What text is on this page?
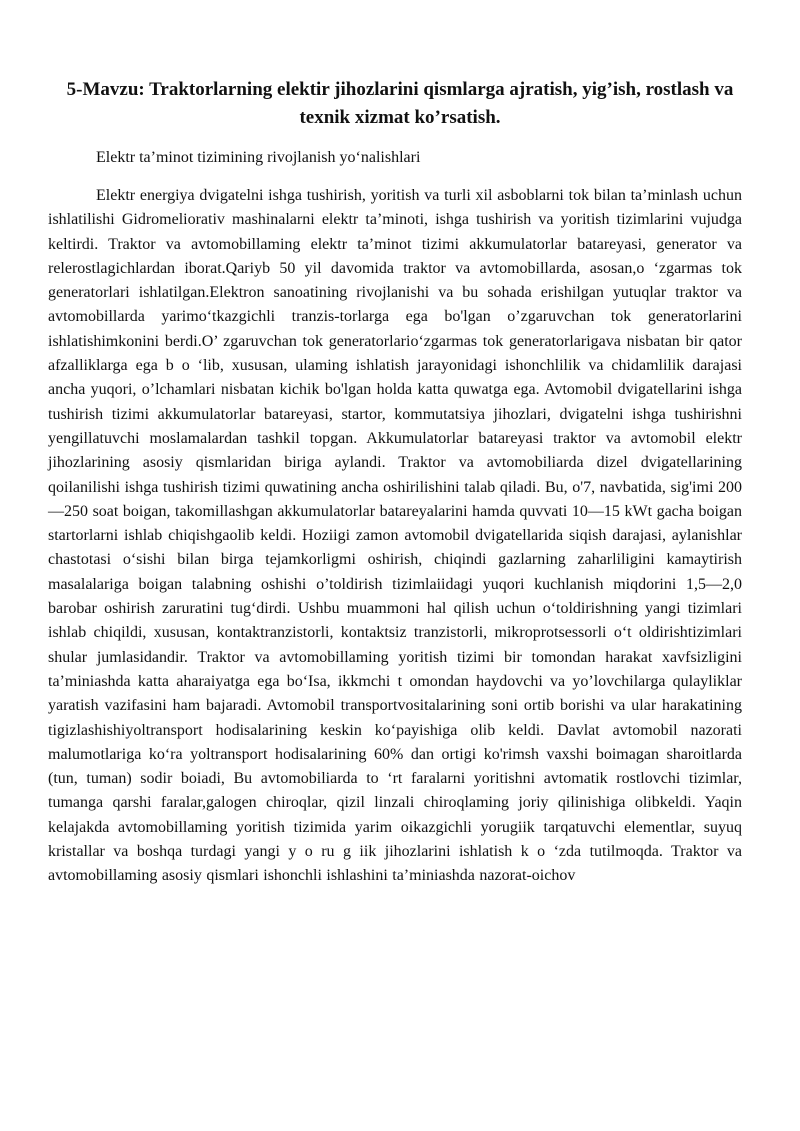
5-Mavzu: Traktorlarning elektir jihozlarini qismlarga ajratish, yig’ish, rostlash va texnik xizmat ko’rsatish.

Elektr ta’minot tizimining rivojlanish yo‘nalishlari

Elektr energiya dvigatelni ishga tushirish, yoritish va turli xil asboblarni tok bilan ta’minlash uchun ishlatilishi Gidromeliorativ mashinalarni elektr ta’minoti, ishga tushirish va yoritish tizimlarini vujudga keltirdi. Traktor va avtomobillaming elektr ta’minot tizimi akkumulatorlar batareyasi, generator va relerostlagichlardan iborat.Qariyb 50 yil davomida traktor va avtomobillarda, asosan,o ‘zgarmas tok generatorlari ishlatilgan.Elektron sanoatining rivojlanishi va bu sohada erishilgan yutuqlar traktor va avtomobillarda yarimo‘tkazgichli tranzis-torlarga ega bo'lgan o’zgaruvchan tok generatorlarini ishlatishimkonini berdi.O’ zgaruvchan tok generatorlario‘zgarmas tok generatorlarigava nisbatan bir qator afzalliklarga ega b o ‘lib, xususan, ulaming ishlatish jarayonidagi ishonchlilik va chidamlilik darajasi ancha yuqori, o’lchamlari nisbatan kichik bo'lgan holda katta quwatga ega. Avtomobil dvigatellarini ishga tushirish tizimi akkumulatorlar batareyasi, startor, kommutatsiya jihozlari, dvigatelni ishga tushirishni yengillatuvchi moslamalardan tashkil topgan. Akkumulatorlar batareyasi traktor va avtomobil elektr jihozlarining asosiy qismlaridan biriga aylandi. Traktor va avtomobiliarda dizel dvigatellarining qoilanilishi ishga tushirish tizimi quwatining ancha oshirilishini talab qiladi. Bu, o'7, navbatida, sig'imi 200—250 soat boigan, takomillashgan akkumulatorlar batareyalarini hamda quvvati 10—15 kWt gacha boigan startorlarni ishlab chiqishgaolib keldi. Hoziigi zamon avtomobil dvigatellarida siqish darajasi, aylanishlar chastotasi o‘sishi bilan birga tejamkorligmi oshirish, chiqindi gazlarning zaharliligini kamaytirish masalalariga boigan talabning oshishi o’toldirish tizimlaiidagi yuqori kuchlanish miqdorini 1,5—2,0 barobar oshirish zaruratini tug‘dirdi. Ushbu muammoni hal qilish uchun o‘toldirishning yangi tizimlari ishlab chiqildi, xususan, kontaktranzistorli, kontaktsiz tranzistorli, mikroprotsessorli o‘t oldirishtizimlari shular jumlasidandir. Traktor va avtomobillaming yoritish tizimi bir tomondan harakat xavfsizligini ta’miniashda katta aharaiyatga ega bo‘Isa, ikkmchi t omondan haydovchi va yo’lovchilarga qulayliklar yaratish vazifasini ham bajaradi. Avtomobil transportvositalarining soni ortib borishi va ular harakatining tigizlashishiyoltransport hodisalarining keskin ko‘payishiga olib keldi. Davlat avtomobil nazorati malumotlariga ko‘ra yoltransport hodisalarining 60% dan ortigi ko'rimsh vaxshi boimagan sharoitlarda (tun, tuman) sodir boiadi, Bu avtomobiliarda to ‘rt faralarni yoritishni avtomatik rostlovchi tizimlar, tumanga qarshi faralar,galogen chiroqlar, qizil linzali chiroqlaming joriy qilinishiga olibkeldi. Yaqin kelajakda avtomobillaming yoritish tizimida yarim oikazgichli yorugiik tarqatuvchi elementlar, suyuq kristallar va boshqa turdagi yangi y o ru g iik jihozlarini ishlatish k o ‘zda tutilmoqda. Traktor va avtomobillaming asosiy qismlari ishonchli ishlashini ta’miniashda nazorat-oichov
